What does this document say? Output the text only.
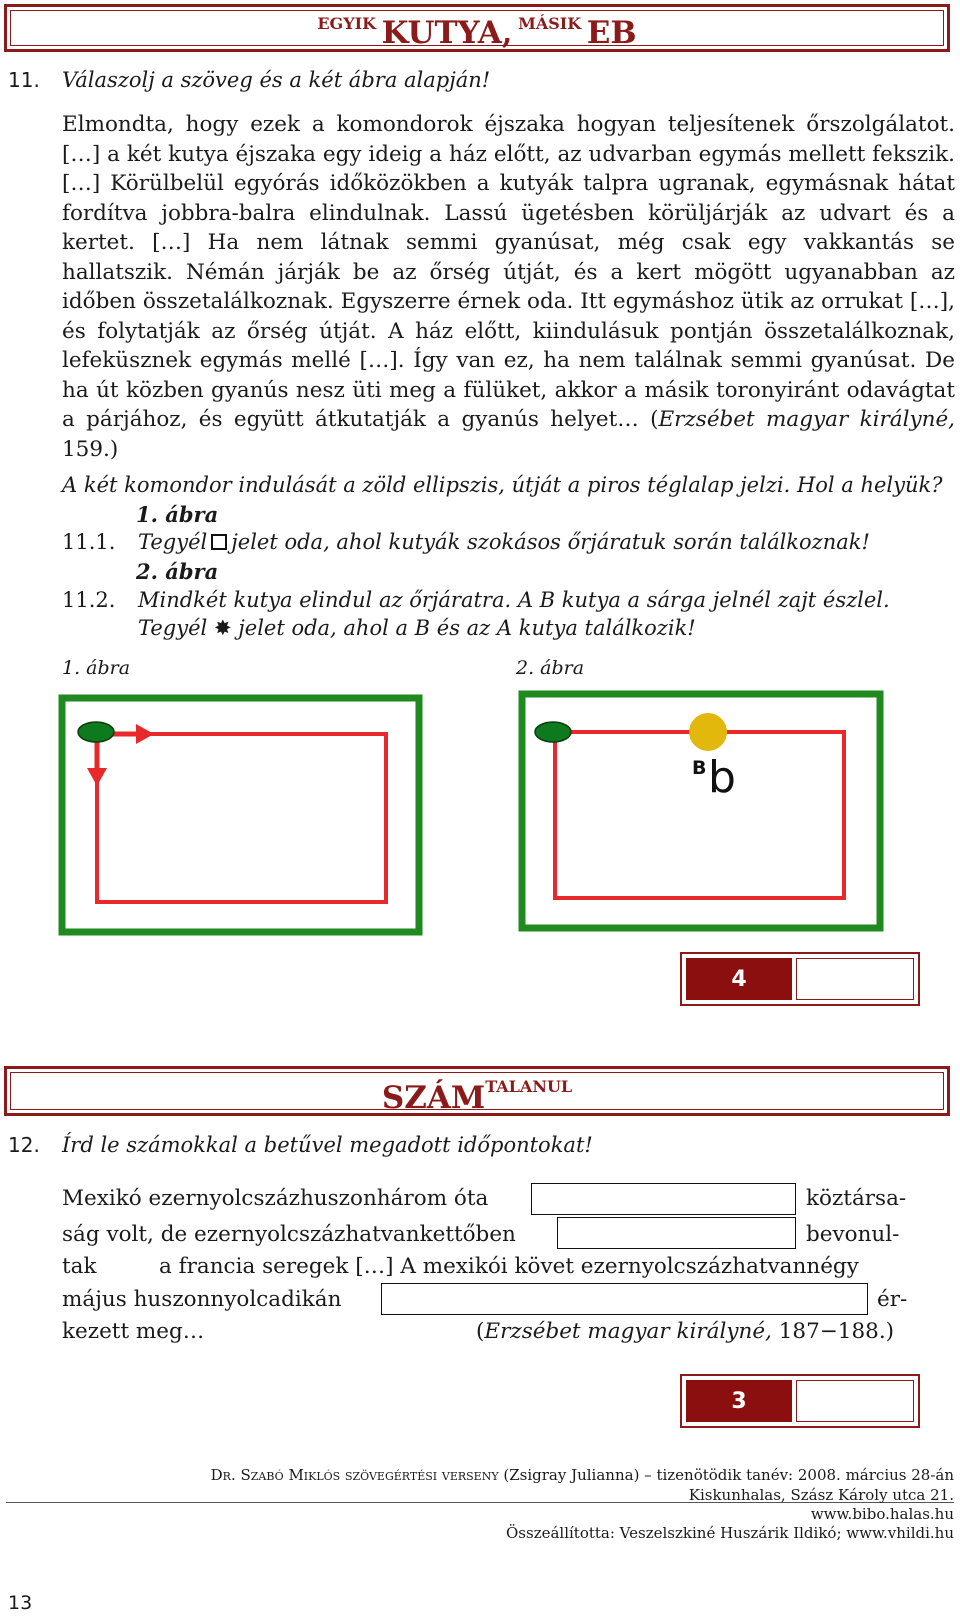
EGYIK KUTYA, MÁSIK EB
11. Válaszolj a szöveg és a két ábra alapján!
Elmondta, hogy ezek a komondorok éjszaka hogyan teljesítenek őrszolgálatot. […] a két kutya éjszaka egy ideig a ház előtt, az udvarban egymás mellett fekszik. […] Körülbelül egyórás időközökben a kutyák talpra ugranak, egymásnak hátat fordítva jobbra-balra elindulnak. Lassú ügetésben körüljárják az udvart és a kertet. […] Ha nem látnak semmi gyanúsat, még csak egy vakkantás se hallatszik. Némán járják be az őrség útját, és a kert mögött ugyanabban az időben összetalálkoznak. Egyszerre érnek oda. Itt egymáshoz ütik az orrukat […], és folytatják az őrség útját. A ház előtt, kiindulásuk pontján összetalálkoznak, lefeküsznek egymás mellé […]. Így van ez, ha nem találnak semmi gyanúsat. De ha út közben gyanús nesz üti meg a fülüket, akkor a másik toronyiránt odavágtat a párjához, és együtt átkutatják a gyanús helyet… (Erzsébet magyar királyné, 159.)
A két komondor indulását a zöld ellipszis, útját a piros téglalap jelzi. Hol a helyük?
1. ábra
11.1. Tegyél jelet oda, ahol kutyák szokásos őrjáratuk során találkoznak!
2. ábra
11.2. Mindkét kutya elindul az őrjáratra. A B kutya a sárga jelnél zajt észlel.
Tegyél ✸ jelet oda, ahol a B és az A kutya találkozik!
1. ábra	2. ábra
B b
4
SZÁMTALANUL
12. Írd le számokkal a betűvel megadott időpontokat!
Mexikó ezernyolcszázhuszonhárom óta	köztársa-
ság volt, de ezernyolcszázhatvankettőben	bevonul-
tak	a francia seregek […] A mexikói követ ezernyolcszázhatvannégy
május huszonnyolcadikán	ér-
kezett meg…	(Erzsébet magyar királyné, 187−188.)
3
Dr. Szabó Miklós szövegértési verseny (Zsigray Julianna) – tizenötödik tanév: 2008. március 28-án
Kiskunhalas, Szász Károly utca 21.
www.bibo.halas.hu
Összeállította: Veszelszkiné Huszárik Ildikó; www.vhildi.hu
13
